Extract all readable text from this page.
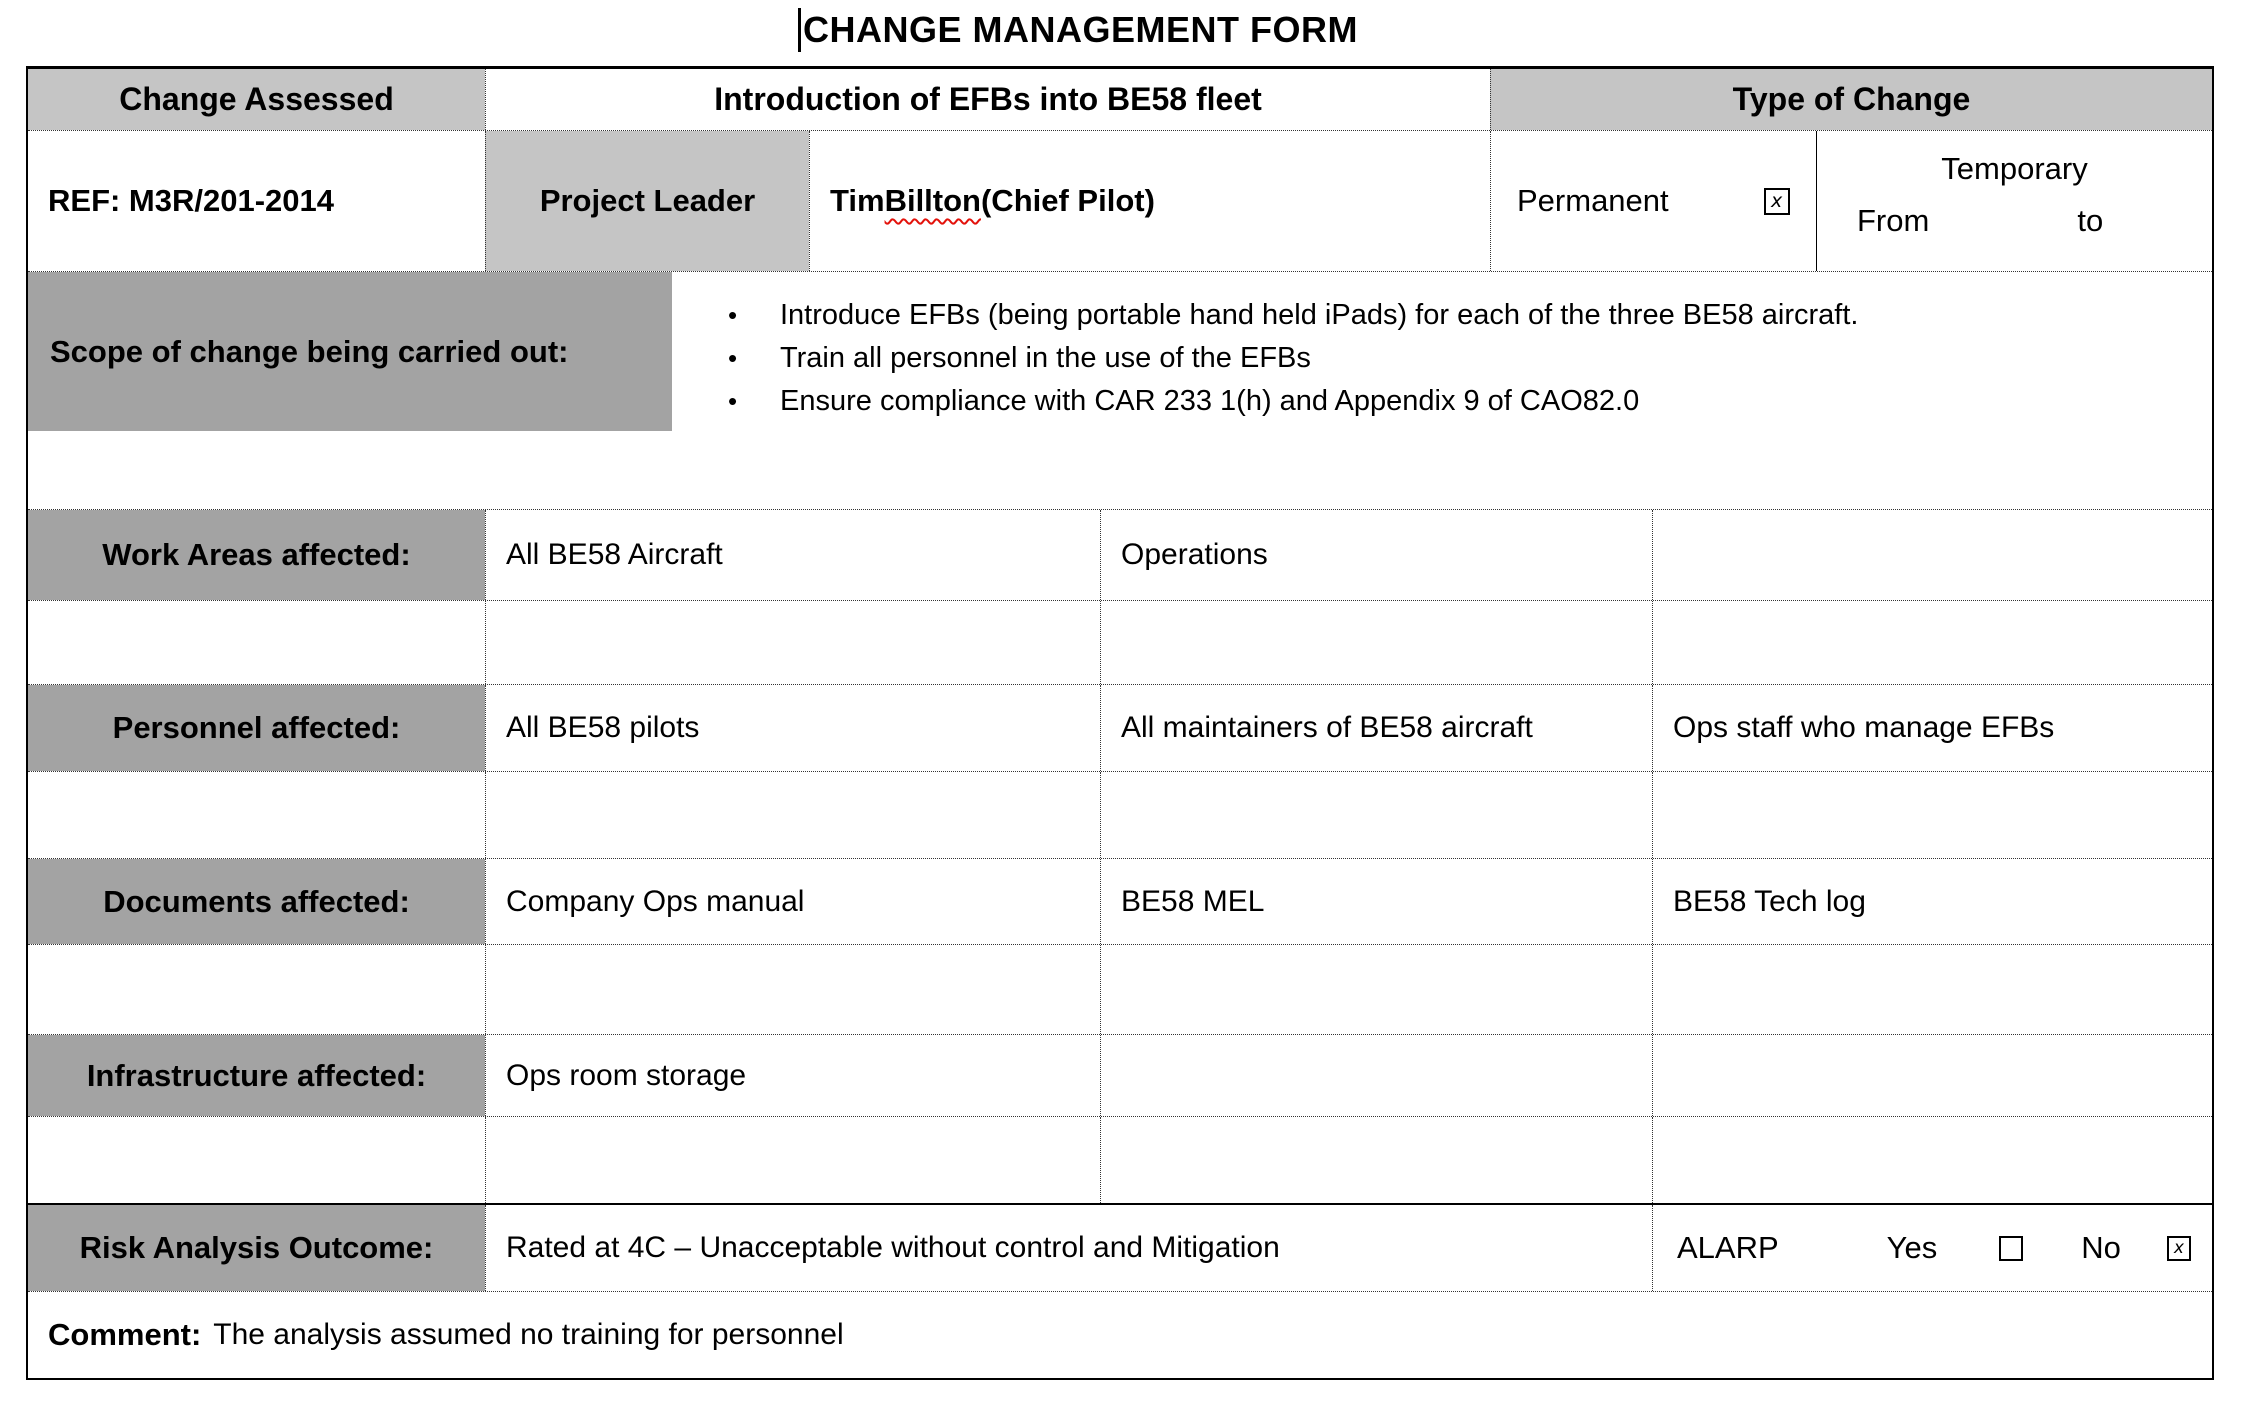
CHANGE MANAGEMENT FORM
Change Assessed	Introduction of EFBs into BE58 fleet	Type of Change
REF: M3R/201-2014	Project Leader	Tim Billton (Chief Pilot)	Permanent	x
Temporary
From	to
Scope of change being carried out:
•	Introduce EFBs (being portable hand held iPads) for each of the three BE58 aircraft.
•	Train all personnel in the use of the EFBs
•	Ensure compliance with CAR 233 1(h) and Appendix 9 of CAO82.0
Work Areas affected:	All BE58 Aircraft	Operations
Personnel affected:	All BE58 pilots	All maintainers of BE58 aircraft	Ops staff who manage EFBs
Documents affected:	Company Ops manual	BE58 MEL	BE58 Tech log
Infrastructure affected:	Ops room storage
Risk Analysis Outcome:	Rated at 4C – Unacceptable without control and Mitigation	ALARP	Yes	No	x
Comment: The analysis assumed no training for personnel
